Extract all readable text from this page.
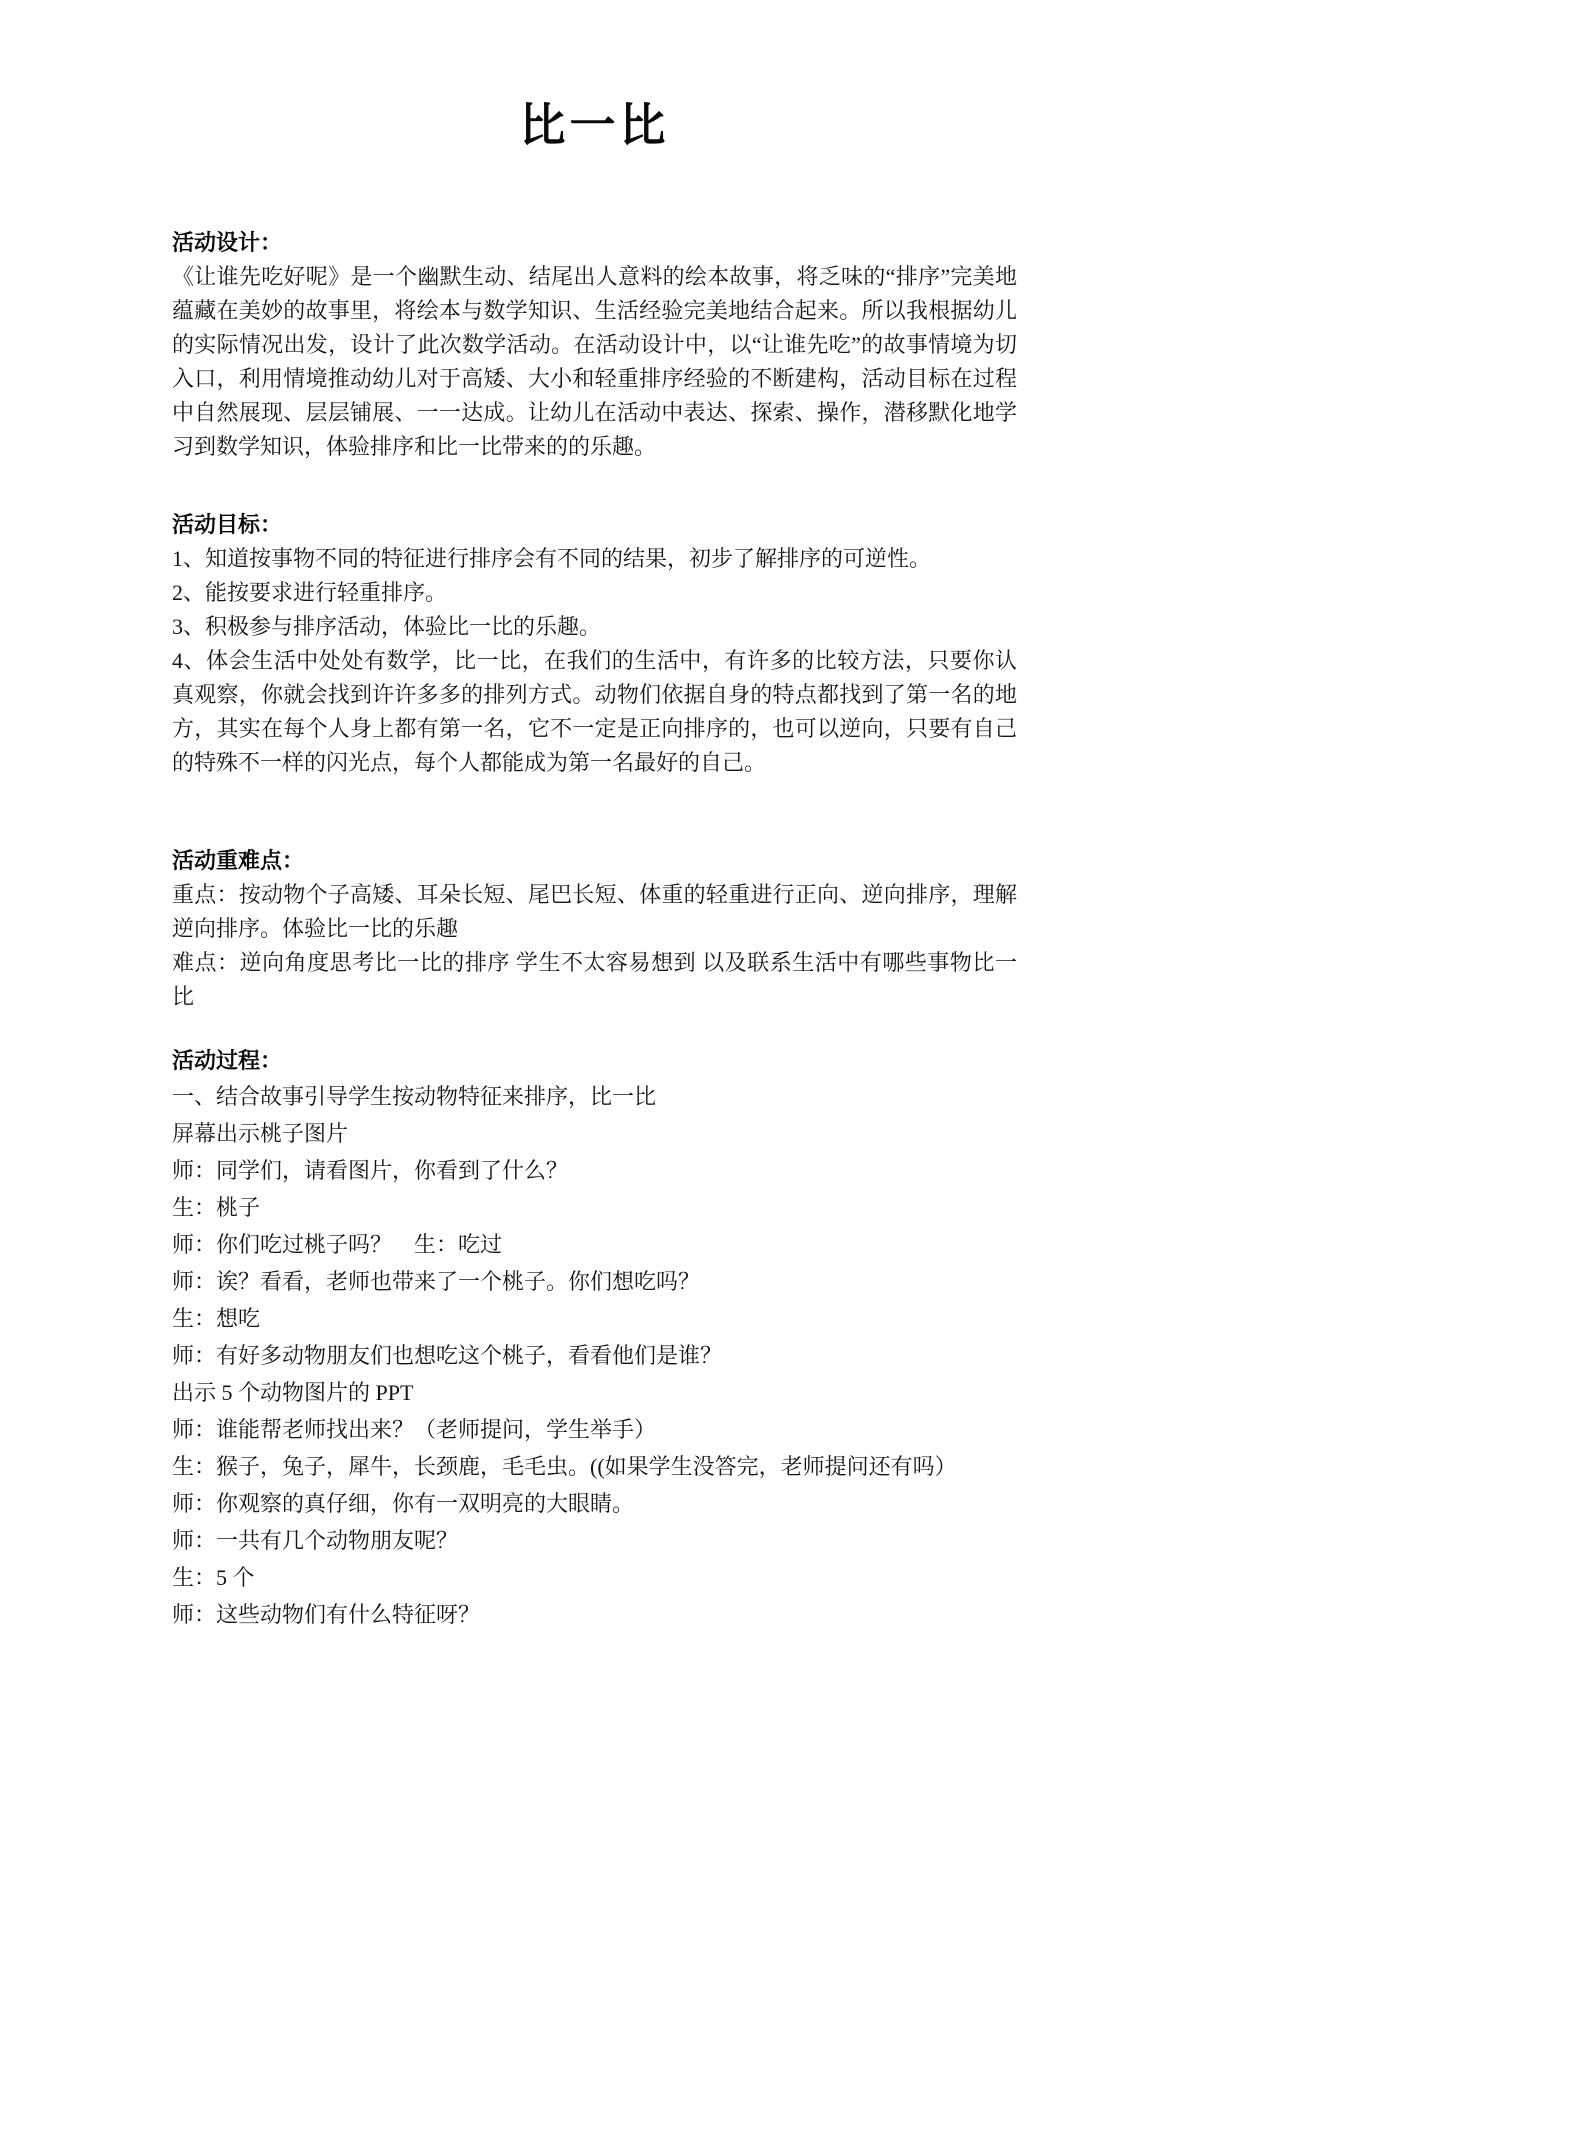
比一比
活动设计：

《让谁先吃好呢》是一个幽默生动、结尾出人意料的绘本故事，将乏味的“排序”完美地蕴藏在美妙的故事里，将绘本与数学知识、生活经验完美地结合起来。所以我根据幼儿的实际情况出发，设计了此次数学活动。在活动设计中，以“让谁先吃”的故事情境为切入口，利用情境推动幼儿对于高矮、大小和轻重排序经验的不断建构，活动目标在过程中自然展现、层层铺展、一一达成。让幼儿在活动中表达、探索、操作，潜移默化地学习到数学知识，体验排序和比一比带来的的乐趣。

活动目标：

1、知道按事物不同的特征进行排序会有不同的结果，初步了解排序的可逆性。

2、能按要求进行轻重排序。

3、积极参与排序活动，体验比一比的乐趣。

4、体会生活中处处有数学，比一比，在我们的生活中，有许多的比较方法，只要你认真观察，你就会找到许许多多的排列方式。动物们依据自身的特点都找到了第一名的地方，其实在每个人身上都有第一名，它不一定是正向排序的，也可以逆向，只要有自己的特殊不一样的闪光点，每个人都能成为第一名最好的自己。

活动重难点：

重点：按动物个子高矮、耳朵长短、尾巴长短、体重的轻重进行正向、逆向排序，理解逆向排序。体验比一比的乐趣

难点：逆向角度思考比一比的排序 学生不太容易想到 以及联系生活中有哪些事物比一比

活动过程：

一、结合故事引导学生按动物特征来排序，比一比

屏幕出示桃子图片

师：同学们，请看图片，你看到了什么？

生：桃子

师：你们吃过桃子吗？　生：吃过

师：诶？看看，老师也带来了一个桃子。你们想吃吗？

生：想吃

师：有好多动物朋友们也想吃这个桃子，看看他们是谁？

出示 5 个动物图片的 PPT

师：谁能帮老师找出来？（老师提问，学生举手）

生：猴子，兔子，犀牛，长颈鹿，毛毛虫。((如果学生没答完，老师提问还有吗）

师：你观察的真仔细，你有一双明亮的大眼睛。

师：一共有几个动物朋友呢？

生：5 个

师：这些动物们有什么特征呀？
